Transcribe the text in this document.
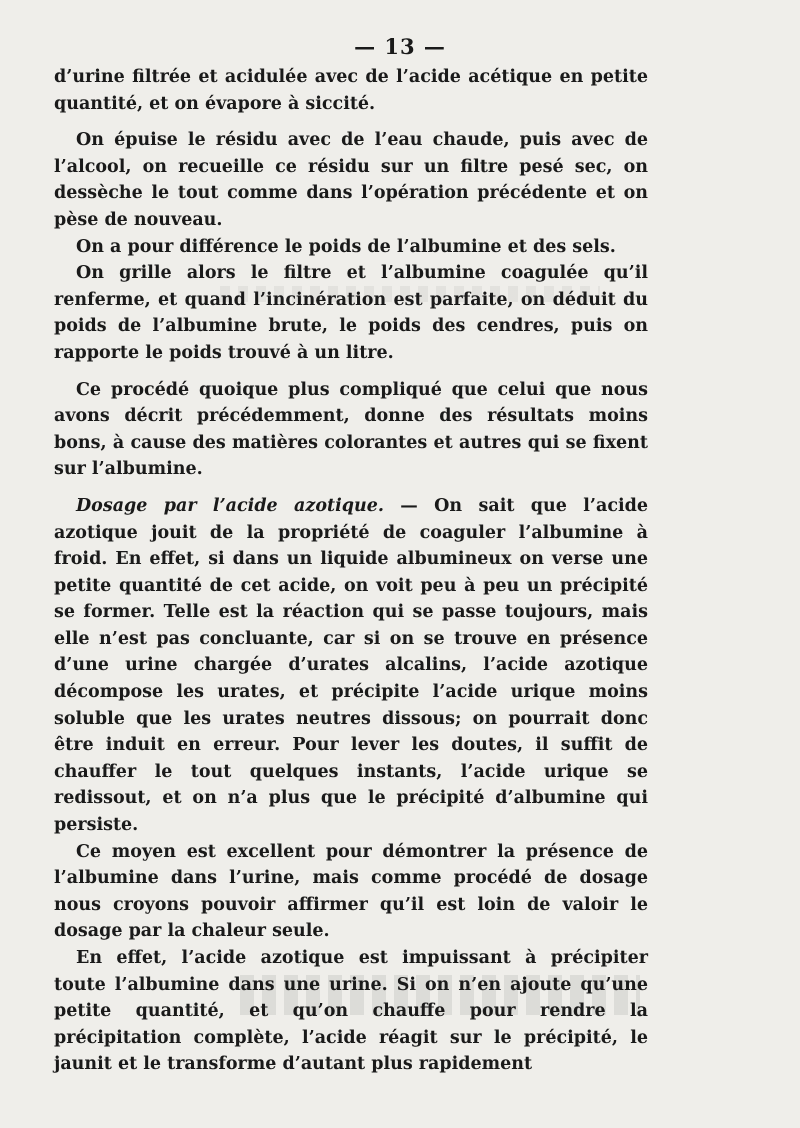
— 13 —

d’urine filtrée et acidulée avec de l’acide acétique en petite quantité, et on évapore à siccité.

On épuise le résidu avec de l’eau chaude, puis avec de l’alcool, on recueille ce résidu sur un filtre pesé sec, on dessèche le tout comme dans l’opération précédente et on pèse de nouveau.

On a pour différence le poids de l’albumine et des sels.

On grille alors le filtre et l’albumine coagulée qu’il renferme, et quand l’incinération est parfaite, on déduit du poids de l’albumine brute, le poids des cendres, puis on rapporte le poids trouvé à un litre.

Ce procédé quoique plus compliqué que celui que nous avons décrit précédemment, donne des résultats moins bons, à cause des matières colorantes et autres qui se fixent sur l’albumine.

Dosage par l’acide azotique. — On sait que l’acide azotique jouit de la propriété de coaguler l’albumine à froid. En effet, si dans un liquide albumineux on verse une petite quantité de cet acide, on voit peu à peu un précipité se former. Telle est la réaction qui se passe toujours, mais elle n’est pas concluante, car si on se trouve en présence d’une urine chargée d’urates alcalins, l’acide azotique décompose les urates, et précipite l’acide urique moins soluble que les urates neutres dissous; on pourrait donc être induit en erreur. Pour lever les doutes, il suffit de chauffer le tout quelques instants, l’acide urique se redissout, et on n’a plus que le précipité d’albumine qui persiste.

Ce moyen est excellent pour démontrer la présence de l’albumine dans l’urine, mais comme procédé de dosage nous croyons pouvoir affirmer qu’il est loin de valoir le dosage par la chaleur seule.

En effet, l’acide azotique est impuissant à précipiter toute l’albumine dans une urine. Si on n’en ajoute qu’une petite quantité, et qu’on chauffe pour rendre la précipitation complète, l’acide réagit sur le précipité, le jaunit et le transforme d’autant plus rapidement
